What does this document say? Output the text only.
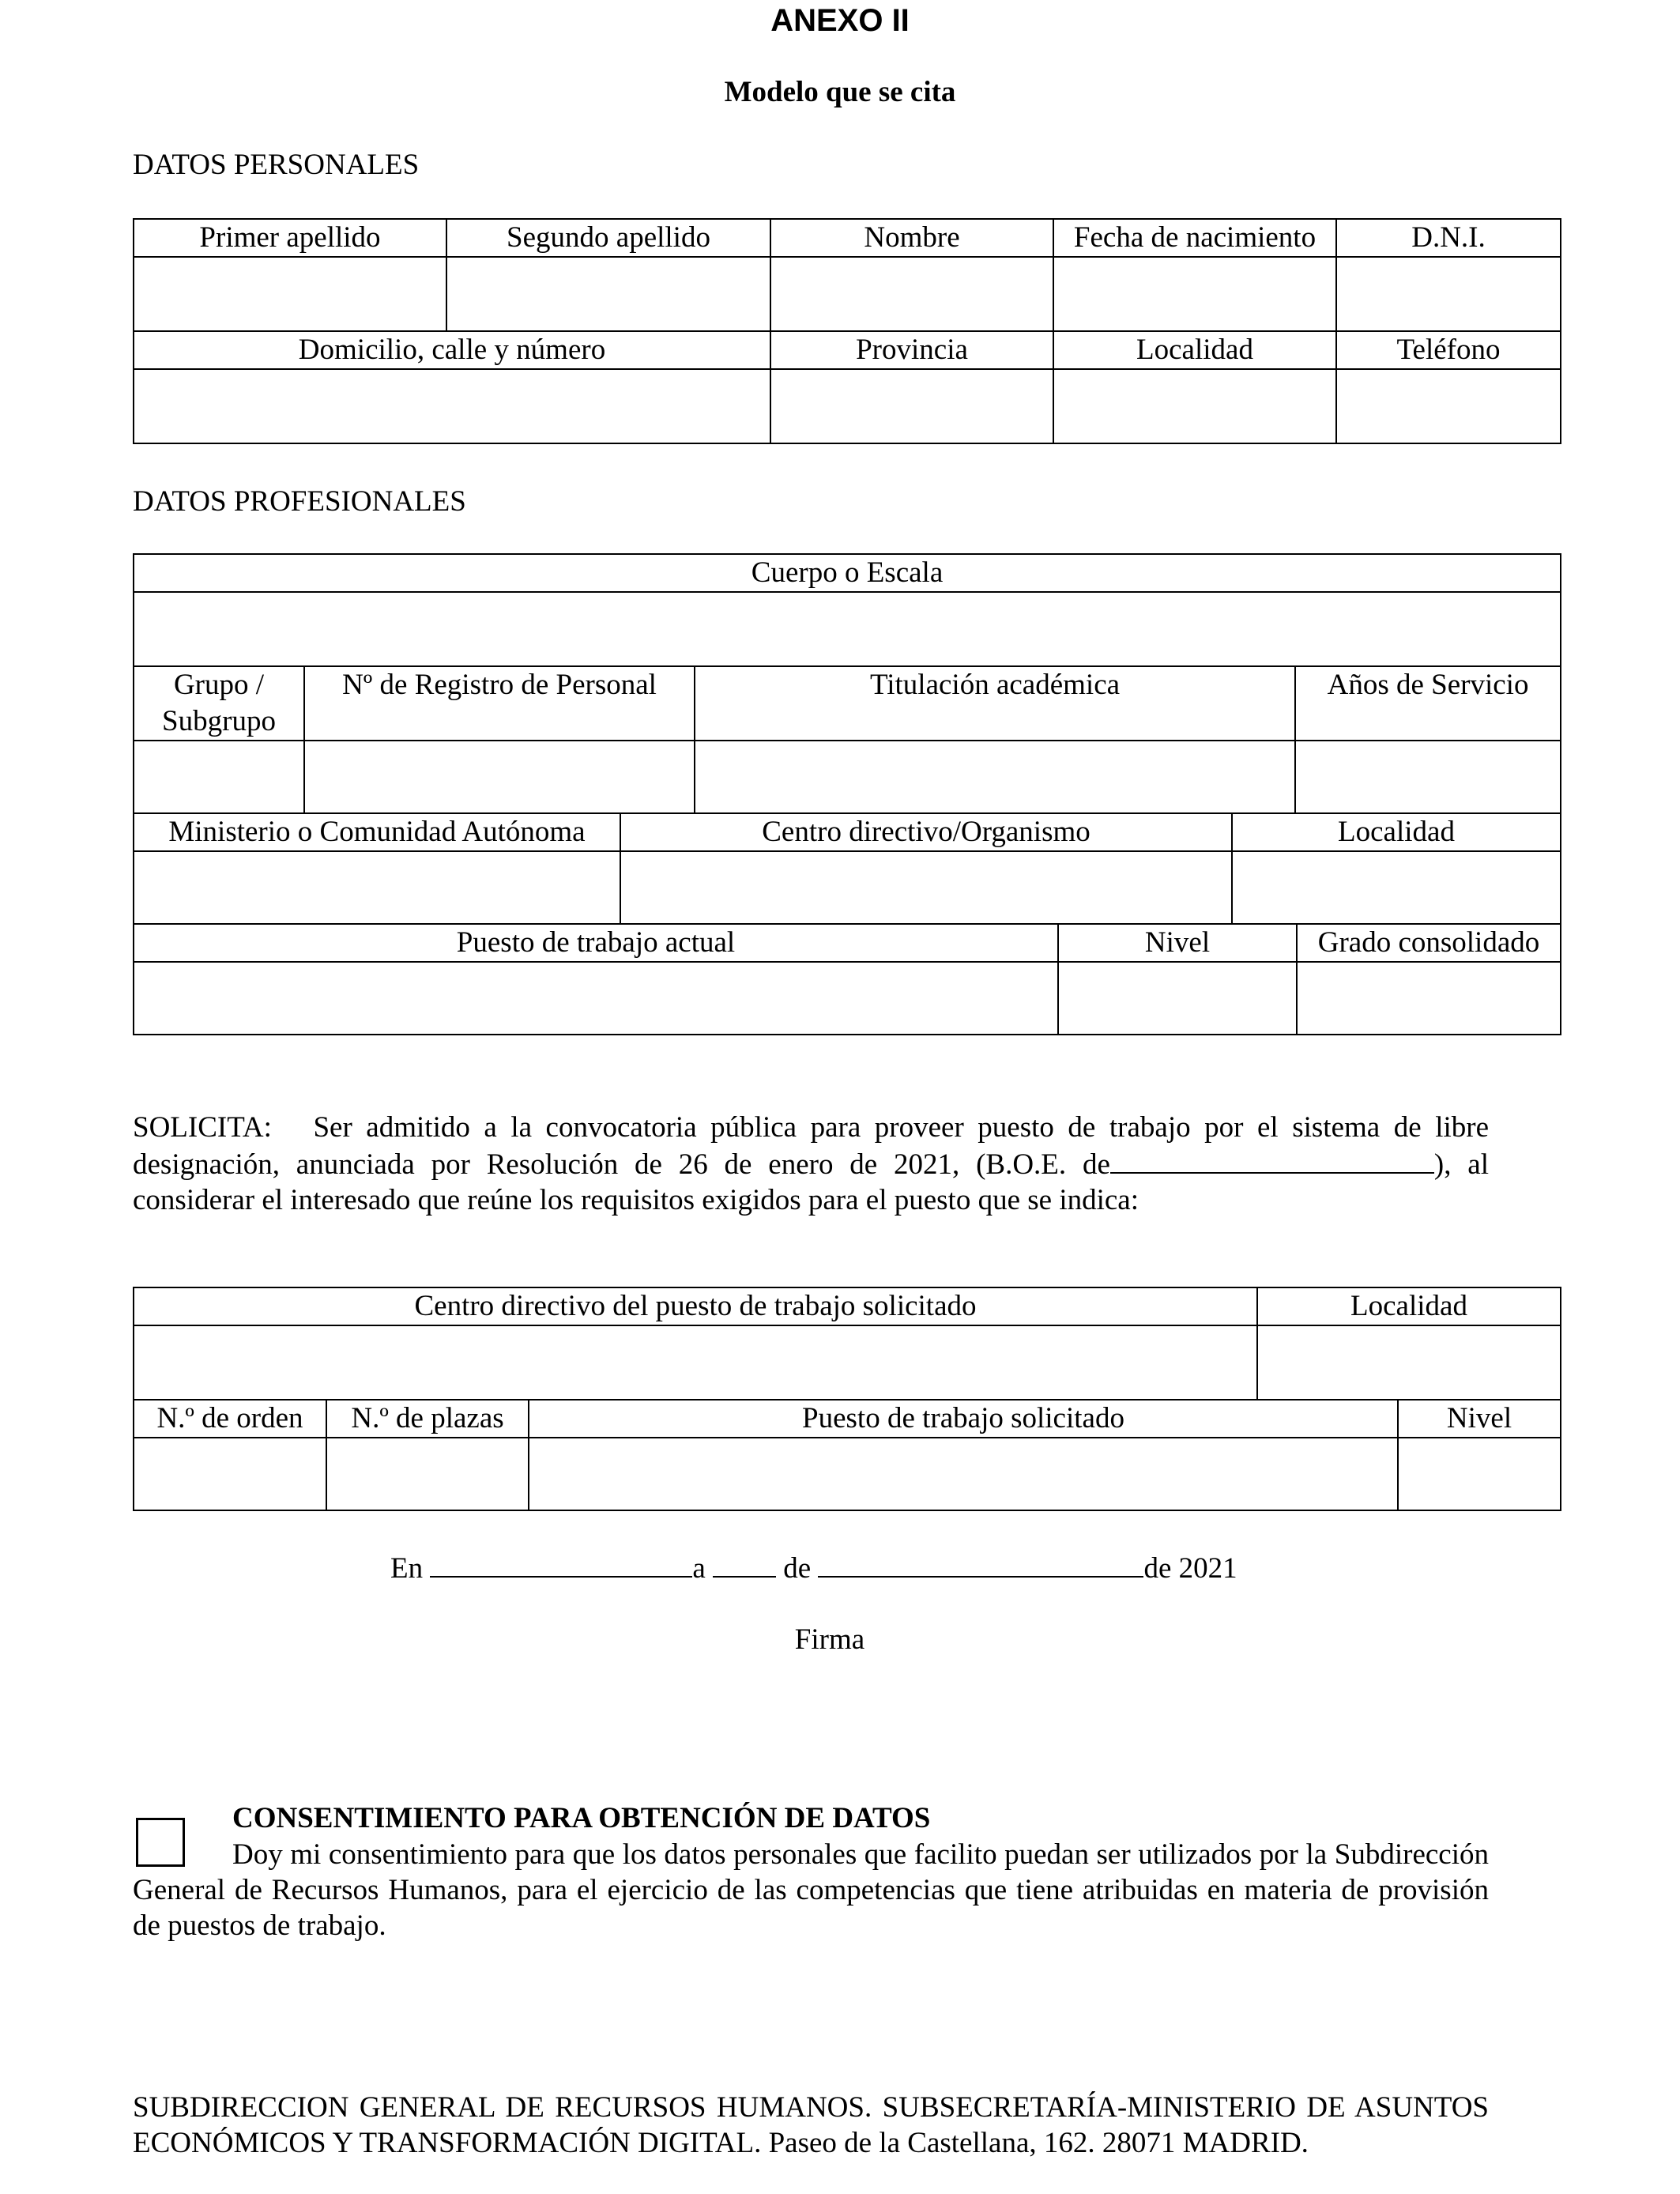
ANEXO II
Modelo que se cita
DATOS PERSONALES
Primer apellido	Segundo apellido	Nombre	Fecha de nacimiento	D.N.I.

Domicilio, calle y número		Provincia	Localidad	Teléfono

DATOS PROFESIONALES
Cuerpo o Escala			

Grupo / Subgrupo	Nº de Registro de Personal	Titulación académica	Años de Servicio

Ministerio o Comunidad Autónoma	Centro directivo/Organismo	Localidad

Puesto de trabajo actual	Nivel	Grado consolidado

SOLICITA: Ser admitido a la convocatoria pública para proveer puesto de trabajo por el sistema de libre designación, anunciada por Resolución de 26 de enero de 2021, (B.O.E. de	), al considerar el interesado que reúne los requisitos exigidos para el puesto que se indica:
Centro directivo del puesto de trabajo solicitado	Localidad

N.º de orden	N.º de plazas	Puesto de trabajo solicitado	Nivel

En	a	de	de 2021
Firma
CONSENTIMIENTO PARA OBTENCIÓN DE DATOS
Doy mi consentimiento para que los datos personales que facilito puedan ser utilizados por la Subdirección General de Recursos Humanos, para el ejercicio de las competencias que tiene atribuidas en materia de provisión de puestos de trabajo.
SUBDIRECCION GENERAL DE RECURSOS HUMANOS. SUBSECRETARÍA-MINISTERIO DE ASUNTOS ECONÓMICOS Y TRANSFORMACIÓN DIGITAL. Paseo de la Castellana, 162. 28071 MADRID.
